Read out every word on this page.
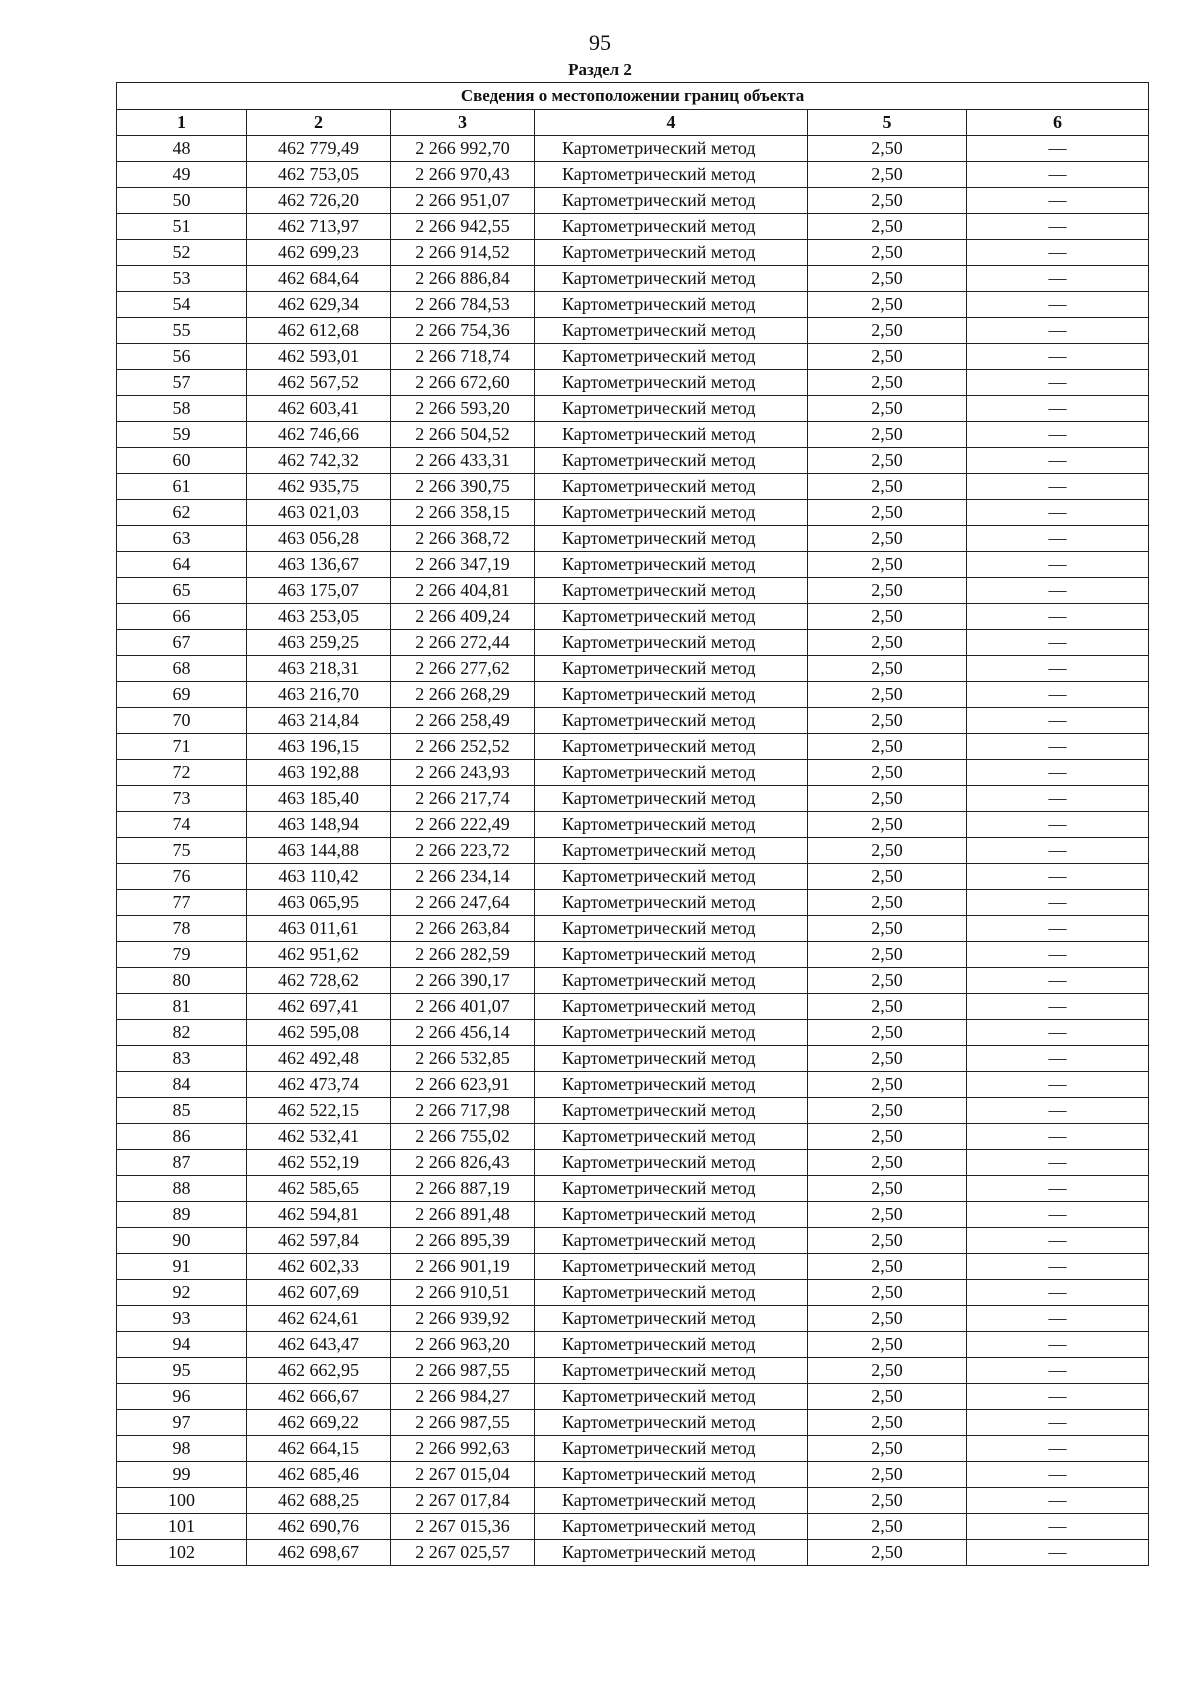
95
Раздел 2
Сведения о местоположении границ объекта					
1	2	3	4	5	6
48	462 779,49	2 266 992,70	Картометрический метод	2,50	—
49	462 753,05	2 266 970,43	Картометрический метод	2,50	—
50	462 726,20	2 266 951,07	Картометрический метод	2,50	—
51	462 713,97	2 266 942,55	Картометрический метод	2,50	—
52	462 699,23	2 266 914,52	Картометрический метод	2,50	—
53	462 684,64	2 266 886,84	Картометрический метод	2,50	—
54	462 629,34	2 266 784,53	Картометрический метод	2,50	—
55	462 612,68	2 266 754,36	Картометрический метод	2,50	—
56	462 593,01	2 266 718,74	Картометрический метод	2,50	—
57	462 567,52	2 266 672,60	Картометрический метод	2,50	—
58	462 603,41	2 266 593,20	Картометрический метод	2,50	—
59	462 746,66	2 266 504,52	Картометрический метод	2,50	—
60	462 742,32	2 266 433,31	Картометрический метод	2,50	—
61	462 935,75	2 266 390,75	Картометрический метод	2,50	—
62	463 021,03	2 266 358,15	Картометрический метод	2,50	—
63	463 056,28	2 266 368,72	Картометрический метод	2,50	—
64	463 136,67	2 266 347,19	Картометрический метод	2,50	—
65	463 175,07	2 266 404,81	Картометрический метод	2,50	—
66	463 253,05	2 266 409,24	Картометрический метод	2,50	—
67	463 259,25	2 266 272,44	Картометрический метод	2,50	—
68	463 218,31	2 266 277,62	Картометрический метод	2,50	—
69	463 216,70	2 266 268,29	Картометрический метод	2,50	—
70	463 214,84	2 266 258,49	Картометрический метод	2,50	—
71	463 196,15	2 266 252,52	Картометрический метод	2,50	—
72	463 192,88	2 266 243,93	Картометрический метод	2,50	—
73	463 185,40	2 266 217,74	Картометрический метод	2,50	—
74	463 148,94	2 266 222,49	Картометрический метод	2,50	—
75	463 144,88	2 266 223,72	Картометрический метод	2,50	—
76	463 110,42	2 266 234,14	Картометрический метод	2,50	—
77	463 065,95	2 266 247,64	Картометрический метод	2,50	—
78	463 011,61	2 266 263,84	Картометрический метод	2,50	—
79	462 951,62	2 266 282,59	Картометрический метод	2,50	—
80	462 728,62	2 266 390,17	Картометрический метод	2,50	—
81	462 697,41	2 266 401,07	Картометрический метод	2,50	—
82	462 595,08	2 266 456,14	Картометрический метод	2,50	—
83	462 492,48	2 266 532,85	Картометрический метод	2,50	—
84	462 473,74	2 266 623,91	Картометрический метод	2,50	—
85	462 522,15	2 266 717,98	Картометрический метод	2,50	—
86	462 532,41	2 266 755,02	Картометрический метод	2,50	—
87	462 552,19	2 266 826,43	Картометрический метод	2,50	—
88	462 585,65	2 266 887,19	Картометрический метод	2,50	—
89	462 594,81	2 266 891,48	Картометрический метод	2,50	—
90	462 597,84	2 266 895,39	Картометрический метод	2,50	—
91	462 602,33	2 266 901,19	Картометрический метод	2,50	—
92	462 607,69	2 266 910,51	Картометрический метод	2,50	—
93	462 624,61	2 266 939,92	Картометрический метод	2,50	—
94	462 643,47	2 266 963,20	Картометрический метод	2,50	—
95	462 662,95	2 266 987,55	Картометрический метод	2,50	—
96	462 666,67	2 266 984,27	Картометрический метод	2,50	—
97	462 669,22	2 266 987,55	Картометрический метод	2,50	—
98	462 664,15	2 266 992,63	Картометрический метод	2,50	—
99	462 685,46	2 267 015,04	Картометрический метод	2,50	—
100	462 688,25	2 267 017,84	Картометрический метод	2,50	—
101	462 690,76	2 267 015,36	Картометрический метод	2,50	—
102	462 698,67	2 267 025,57	Картометрический метод	2,50	—
